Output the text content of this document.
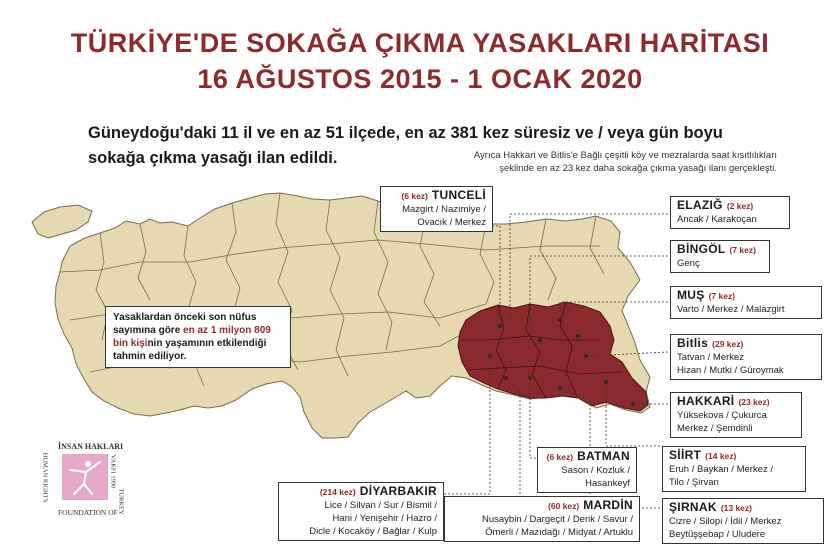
TÜRKİYE'DE SOKAĞA ÇIKMA YASAKLARI HARİTASI
16 AĞUSTOS 2015 - 1 OCAK 2020
Güneydoğu'daki 11 il ve en az 51 ilçede, en az 381 kez süresiz ve / veya gün boyu
sokağa çıkma yasağı ilan edildi.	Ayrıca Hakkari ve Bitlis'e Bağlı çeşitli köy ve mezralarda saat kısıtlılıkları
şeklinde en az 23 kez daha sokağa çıkma yasağı ilanı gerçekleşti.
Yasaklardan önceki son nüfus sayımına göre en az 1 milyon 809 bin kişinin yaşamının etkilendiği tahmin ediliyor.
(6 kez) TUNCELİ
Mazgirt / Nazımiye /
Ovacık / Merkez
ELAZIĞ (2 kez)
Ancak / Karakoçan
BİNGÖL (7 kez)
Genç
MUŞ (7 kez)
Varto / Merkez / Malazgirt
Bitlis (29 kez)
Tatvan / Merkez
Hizan / Mutki / Güroymak
HAKKARİ (23 kez)
Yüksekova / Çukurca
Merkez / Şemdinli
SİİRT (14 kez)
Eruh / Baykan / Merkez /
Tilo / Şirvan
ŞIRNAK (13 kez)
Cizre / Silopi / İdil / Merkez
Beytüşşebap / Uludere
(6 kez) BATMAN
Sason / Kozluk /
Hasankeyf
(60 kez) MARDİN
Nusaybin / Dargeçit / Derik / Savur /
Ömerli / Mazıdağı / Midyat / Artuklu
(214 kez) DİYARBAKIR
Lice / Silvan / Sur / Bismil /
Hani / Yenişehir / Hazro /
Dicle / Kocaköy / Bağlar / Kulp
İNSAN HAKLARI
HUMAN RIGHTS	VAKFI 1990
TURKEY
FOUNDATION OF
